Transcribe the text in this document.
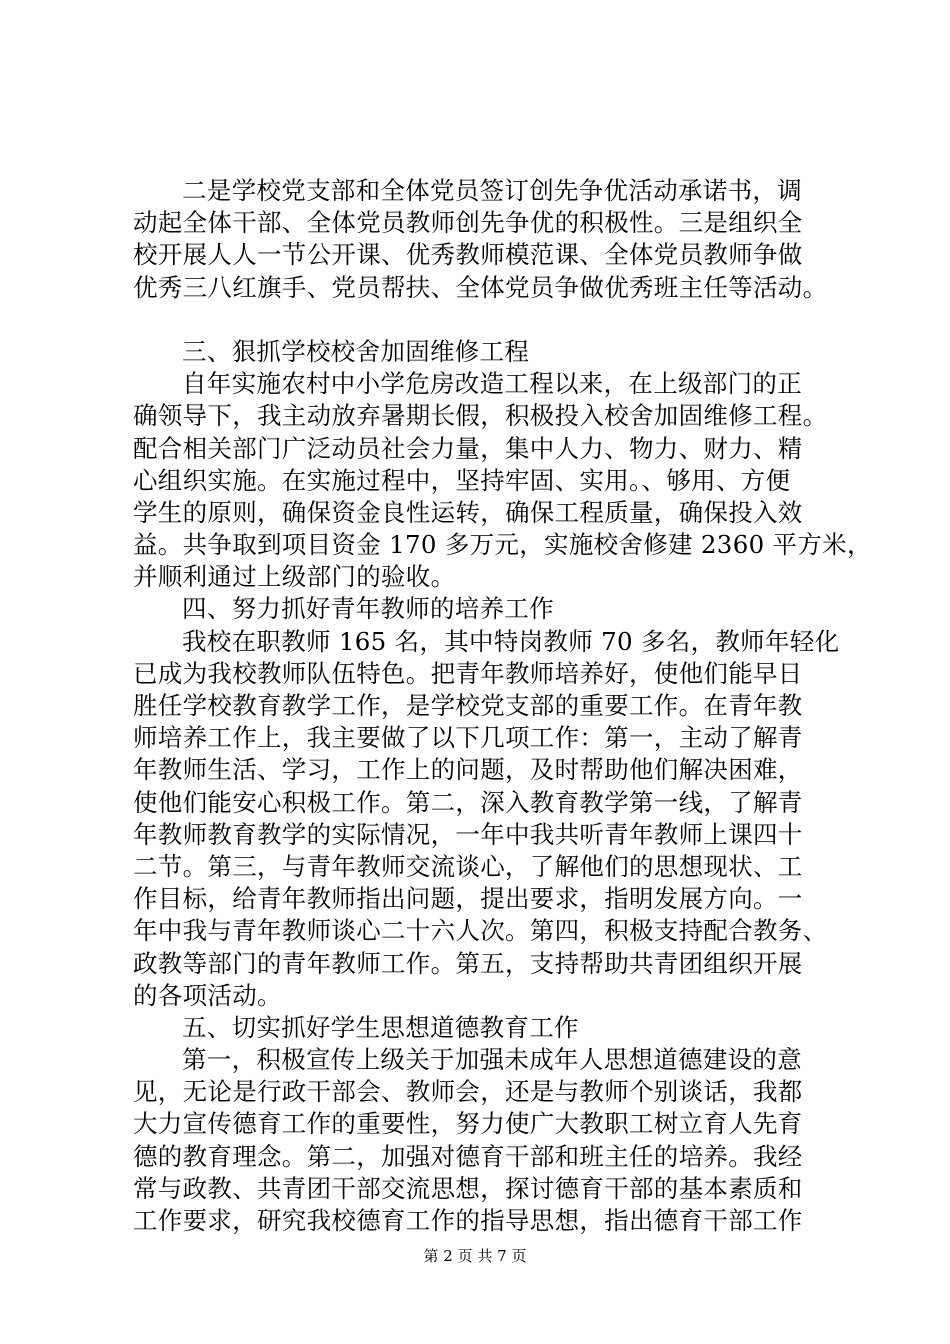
二是学校党支部和全体党员签订创先争优活动承诺书，调
动起全体干部、全体党员教师创先争优的积极性。三是组织全
校开展人人一节公开课、优秀教师模范课、全体党员教师争做
优秀三八红旗手、党员帮扶、全体党员争做优秀班主任等活动。
三、狠抓学校校舍加固维修工程
自年实施农村中小学危房改造工程以来，在上级部门的正
确领导下，我主动放弃暑期长假，积极投入校舍加固维修工程。
配合相关部门广泛动员社会力量，集中人力、物力、财力、精
心组织实施。在实施过程中，坚持牢固、实用。、够用、方便
学生的原则，确保资金良性运转，确保工程质量，确保投入效
益。共争取到项目资金 170 多万元，实施校舍修建 2360 平方米，
并顺利通过上级部门的验收。
四、努力抓好青年教师的培养工作
我校在职教师 165 名，其中特岗教师 70 多名，教师年轻化
已成为我校教师队伍特色。把青年教师培养好，使他们能早日
胜任学校教育教学工作，是学校党支部的重要工作。在青年教
师培养工作上，我主要做了以下几项工作：第一，主动了解青
年教师生活、学习，工作上的问题，及时帮助他们解决困难，
使他们能安心积极工作。第二，深入教育教学第一线，了解青
年教师教育教学的实际情况，一年中我共听青年教师上课四十
二节。第三，与青年教师交流谈心，了解他们的思想现状、工
作目标，给青年教师指出问题，提出要求，指明发展方向。一
年中我与青年教师谈心二十六人次。第四，积极支持配合教务、
政教等部门的青年教师工作。第五，支持帮助共青团组织开展
的各项活动。
五、切实抓好学生思想道德教育工作
第一，积极宣传上级关于加强未成年人思想道德建设的意
见，无论是行政干部会、教师会，还是与教师个别谈话，我都
大力宣传德育工作的重要性，努力使广大教职工树立育人先育
德的教育理念。第二，加强对德育干部和班主任的培养。我经
常与政教、共青团干部交流思想，探讨德育干部的基本素质和
工作要求，研究我校德育工作的指导思想，指出德育干部工作
第 2 页 共 7 页
